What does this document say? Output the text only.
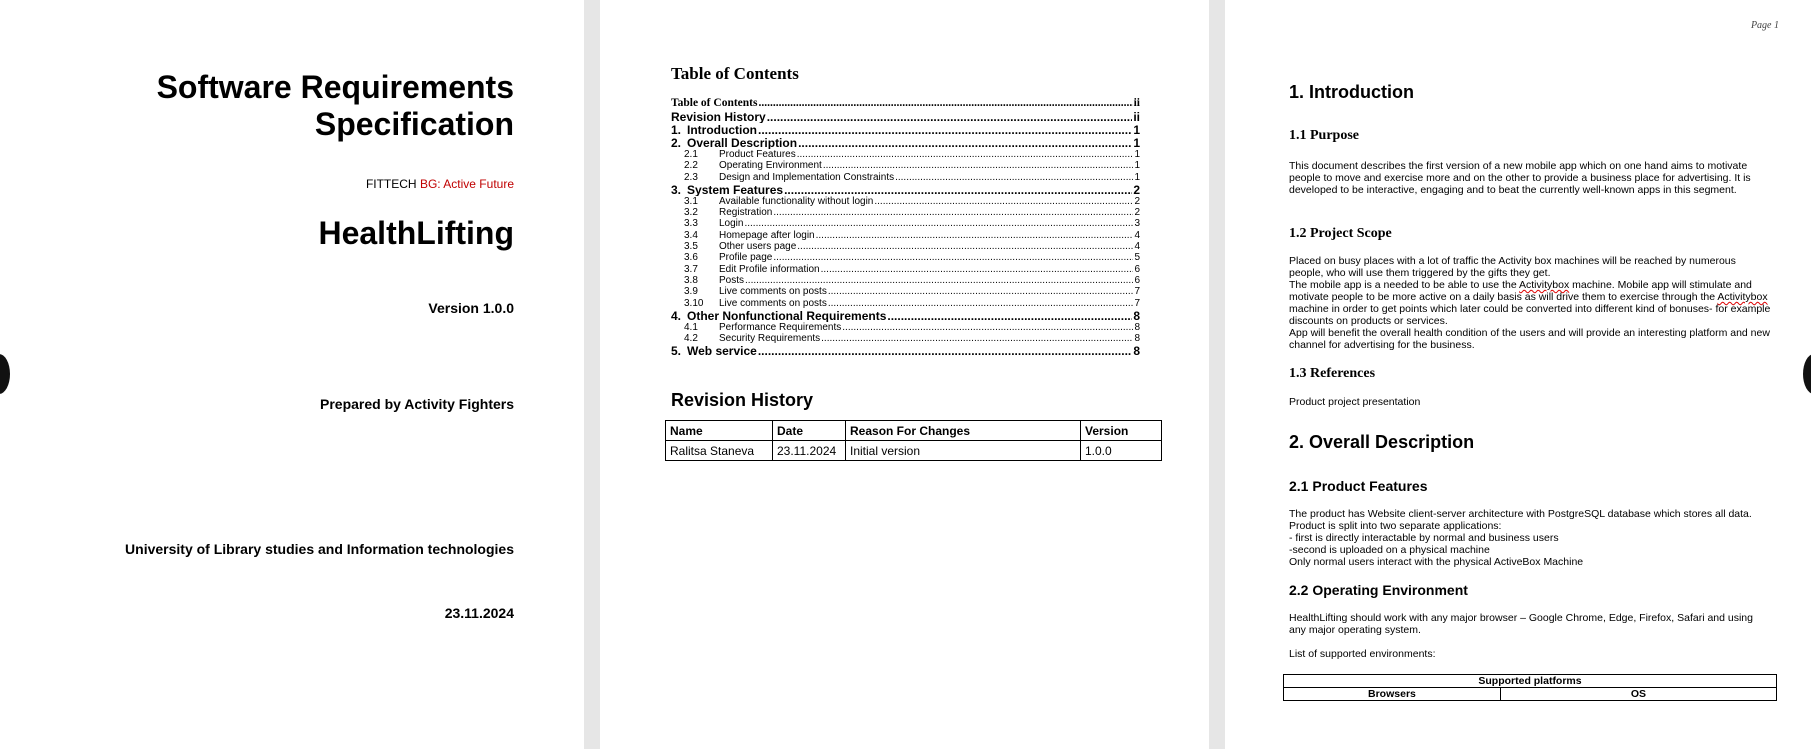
Software Requirements Specification
FITTECH BG: Active Future
HealthLifting
Version 1.0.0
Prepared by Activity Fighters
University of Library studies and Information technologies
23.11.2024
Table of Contents
Table of Contents .....	ii
Revision History .....	ii
1. Introduction .....	1
2. Overall Description .....	1
2.1	Product Features .....	1
2.2	Operating Environment .....	1
2.3	Design and Implementation Constraints .....	1
3. System Features .....	2
3.1	Available functionality without login .....	2
3.2	Registration .....	2
3.3	Login .....	3
3.4	Homepage after login .....	4
3.5	Other users page .....	4
3.6	Profile page .....	5
3.7	Edit Profile information .....	6
3.8	Posts .....	6
3.9	Live comments on posts .....	7
3.10	Live comments on posts .....	7
4. Other Nonfunctional Requirements .....	8
4.1	Performance Requirements .....	8
4.2	Security Requirements .....	8
5. Web service .....	8
Revision History
Name	Date	Reason For Changes	Version
Ralitsa Staneva	23.11.2024	Initial version	1.0.0
Page 1
1. Introduction
1.1 Purpose
This document describes the first version of a new mobile app which on one hand aims to motivate people to move and exercise more and on the other to provide a business place for advertising. It is developed to be interactive, engaging and to beat the currently well-known apps in this segment.
1.2 Project Scope
Placed on busy places with a lot of traffic the Activity box machines will be reached by numerous people, who will use them triggered by the gifts they get.
The mobile app is a needed to be able to use the Activitybox machine. Mobile app will stimulate and motivate people to be more active on a daily basis as will drive them to exercise through the Activitybox machine in order to get points which later could be converted into different kind of bonuses- for example discounts on products or services.
App will benefit the overall health condition of the users and will provide an interesting platform and new channel for advertising for the business.
1.3 References
Product project presentation
2. Overall Description
2.1 Product Features
The product has Website client-server architecture with PostgreSQL database which stores all data. Product is split into two separate applications:
- first is directly interactable by normal and business users
-second is uploaded on a physical machine
Only normal users interact with the physical ActiveBox Machine
2.2 Operating Environment
HealthLifting should work with any major browser – Google Chrome, Edge, Firefox, Safari and using any major operating system.
List of supported environments:
Supported platforms
Browsers	OS
